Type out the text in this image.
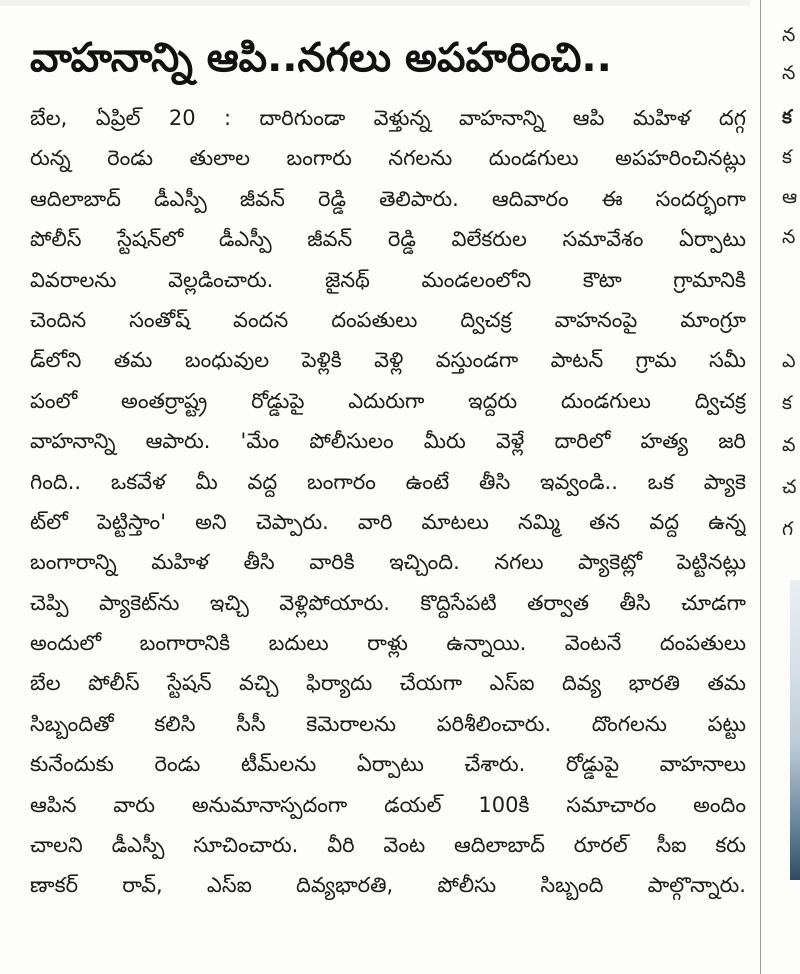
వాహనాన్ని ఆపి..నగలు అపహరించి..
బేల, ఏప్రిల్ 20 : దారిగుండా వెళ్తున్న వాహనాన్ని ఆపి మహిళ దగ్గ
రున్న రెండు తులాల బంగారు నగలను దుండగులు అపహరించినట్లు
ఆదిలాబాద్ డీఎస్పీ జీవన్ రెడ్డి తెలిపారు. ఆదివారం ఈ సందర్భంగా
పోలీస్ స్టేషన్‌లో డీఎస్పీ జీవన్ రెడ్డి విలేకరుల సమావేశం ఏర్పాటు
వివరాలను వెల్లడించారు. జైనథ్ మండలంలోని కౌటా గ్రామానికి
చెందిన సంతోష్ వందన దంపతులు ద్విచక్ర వాహనంపై మాంగ్రూ
డ్‌లోని తమ బంధువుల పెళ్లికి వెళ్లి వస్తుండగా పాటన్ గ్రామ సమీ
పంలో అంతర్రాష్ట్ర రోడ్డుపై ఎదురుగా ఇద్దరు దుండగులు ద్విచక్ర
వాహనాన్ని ఆపారు. 'మేం పోలీసులం మీరు వెళ్లే దారిలో హత్య జరి
గింది.. ఒకవేళ మీ వద్ద బంగారం ఉంటే తీసి ఇవ్వండి.. ఒక ప్యాకె
ట్‌లో పెట్టిస్తాం' అని చెప్పారు. వారి మాటలు నమ్మి తన వద్ద ఉన్న
బంగారాన్ని మహిళ తీసి వారికి ఇచ్చింది. నగలు ప్యాకెట్లో పెట్టినట్లు
చెప్పి ప్యాకెట్‌ను ఇచ్చి వెళ్లిపోయారు. కొద్దిసేపటి తర్వాత తీసి చూడగా
అందులో బంగారానికి బదులు రాళ్లు ఉన్నాయి. వెంటనే దంపతులు
బేల పోలీస్ స్టేషన్ వచ్చి ఫిర్యాదు చేయగా ఎస్ఐ దివ్య భారతి తమ
సిబ్బందితో కలిసి సీసీ కెమెరాలను పరిశీలించారు. దొంగలను పట్టు
కునేందుకు రెండు టీమ్‌లను ఏర్పాటు చేశారు. రోడ్డుపై వాహనాలు
ఆపిన వారు అనుమానాస్పదంగా డయల్ 100కి సమాచారం అందిం
చాలని డీఎస్పీ సూచించారు. వీరి వెంట ఆదిలాబాద్ రూరల్ సీఐ కరు
ణాకర్ రావ్, ఎస్ఐ దివ్యభారతి, పోలీసు సిబ్బంది పాల్గొన్నారు.
న
న
క
క
ఆ
న
ఎ
క
వ
చ
గ
